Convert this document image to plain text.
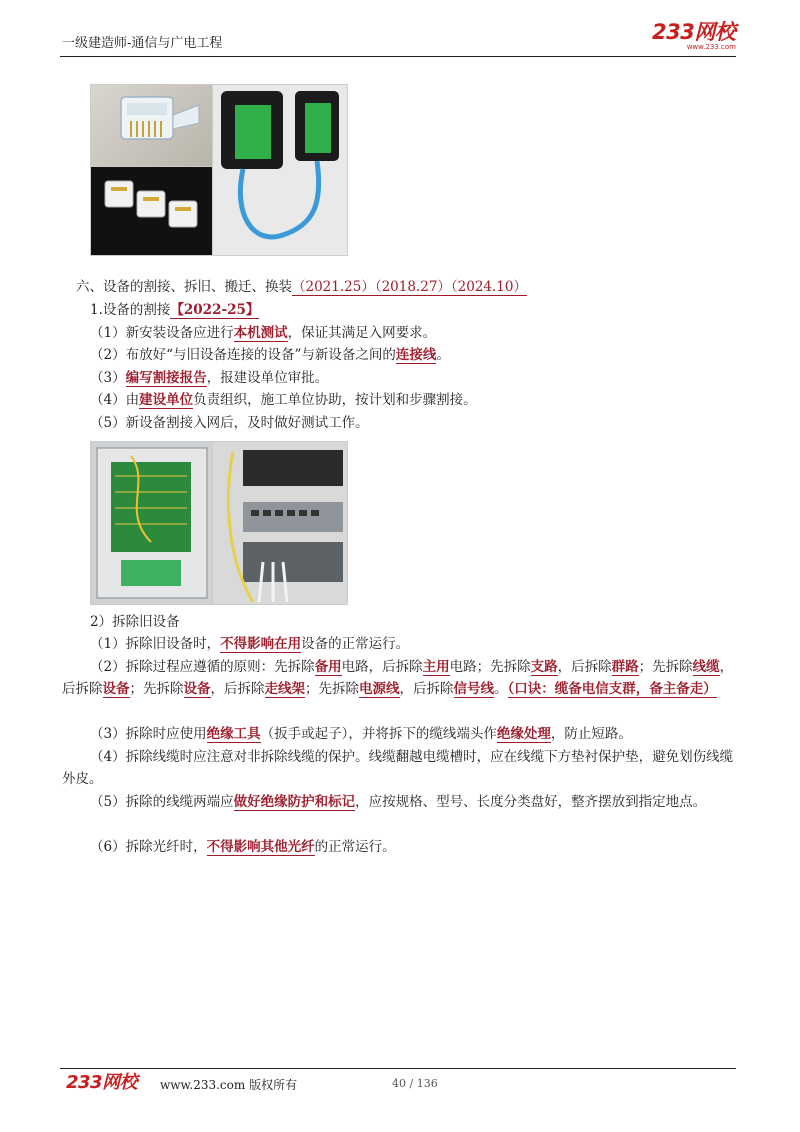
一级建造师-通信与广电工程	233网校
www.233.com
六、设备的割接、拆旧、搬迁、换装（2021.25）（2018.27）（2024.10）
1.设备的割接【2022-25】
（1）新安装设备应进行本机测试，保证其满足入网要求。
（2）布放好“与旧设备连接的设备”与新设备之间的连接线。
（3）编写割接报告，报建设单位审批。
（4）由建设单位负责组织，施工单位协助，按计划和步骤割接。
（5）新设备割接入网后，及时做好测试工作。
2）拆除旧设备
（1）拆除旧设备时，不得影响在用设备的正常运行。
（2）拆除过程应遵循的原则：先拆除备用电路，后拆除主用电路；先拆除支路，后拆除群路；先拆除线缆，后拆除设备；先拆除设备，后拆除走线架；先拆除电源线，后拆除信号线。（口诀：缆备电信支群，备主备走）
（3）拆除时应使用绝缘工具（扳手或起子），并将拆下的缆线端头作绝缘处理，防止短路。
（4）拆除线缆时应注意对非拆除线缆的保护。线缆翻越电缆槽时，应在线缆下方垫衬保护垫，避免划伤线缆外皮。
（5）拆除的线缆两端应做好绝缘防护和标记，应按规格、型号、长度分类盘好，整齐摆放到指定地点。
（6）拆除光纤时，不得影响其他光纤的正常运行。
233网校 www.233.com 版权所有	40 / 136
